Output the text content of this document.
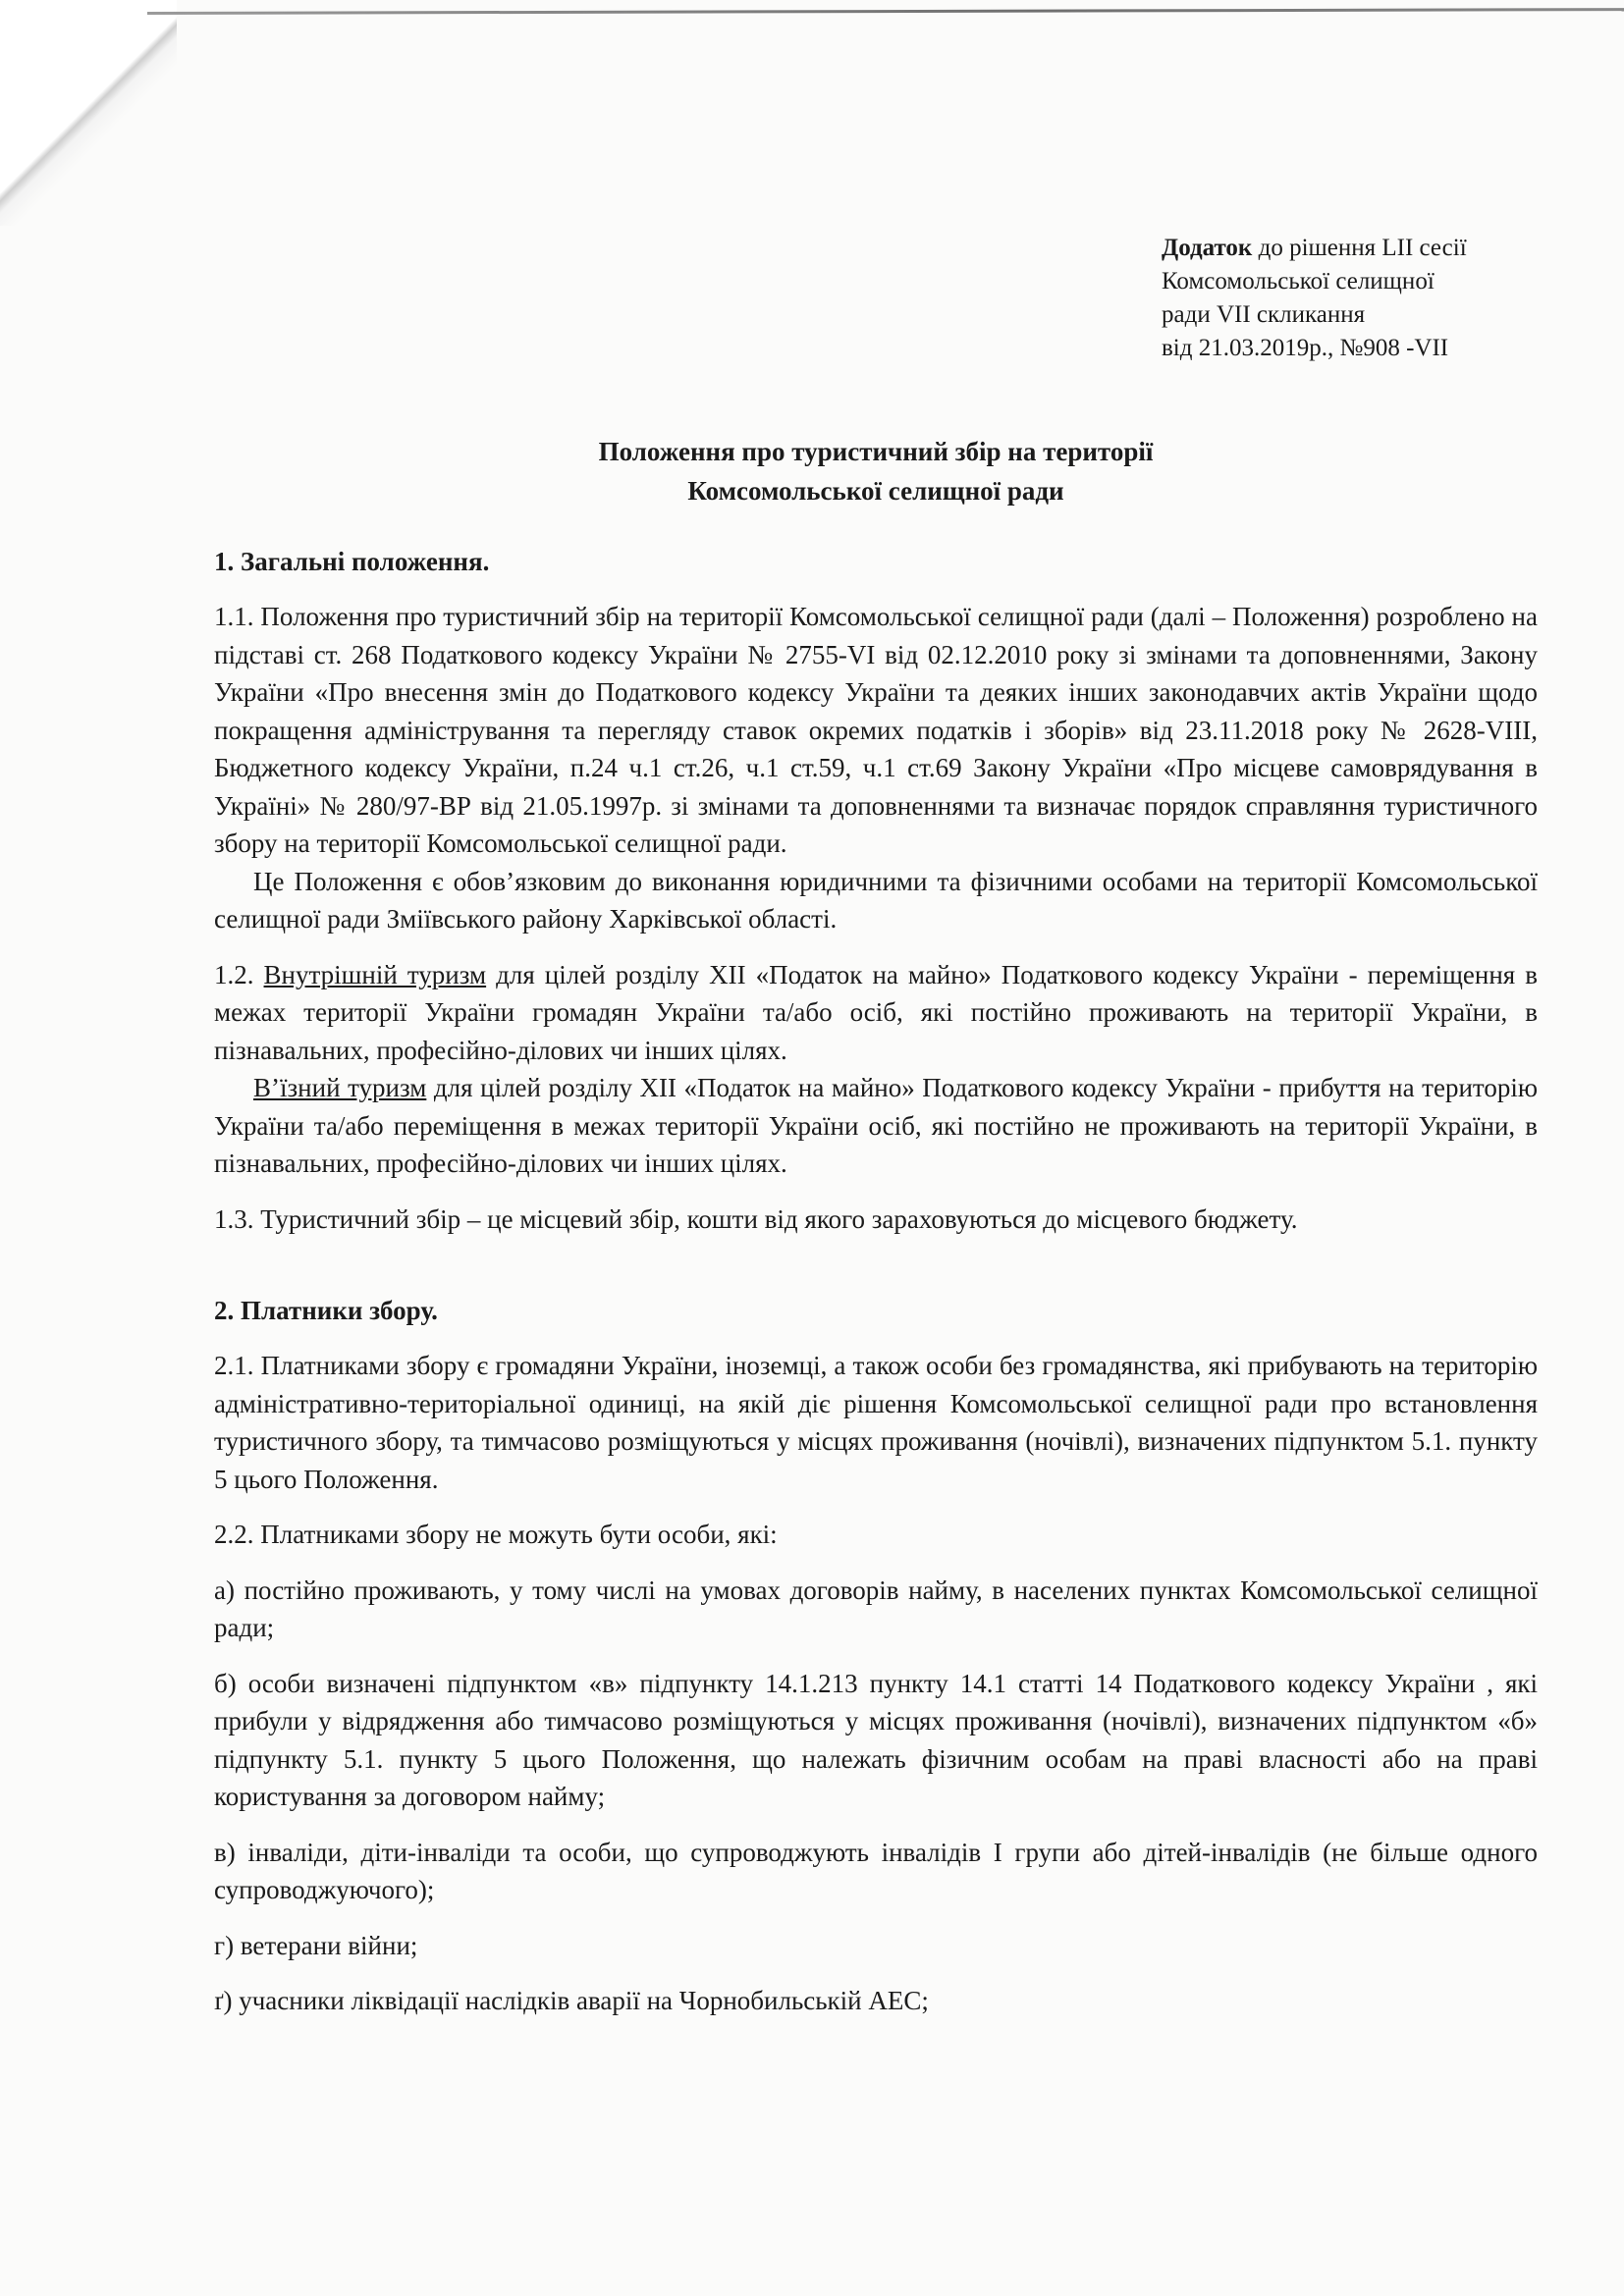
Додаток до рішення LII сесії
Комсомольської селищної
ради VII скликання
від 21.03.2019р., №908 -VII
Положення про туристичний збір на території
Комсомольської селищної ради
1. Загальні положення.

1.1. Положення про туристичний збір на території Комсомольської селищної ради (далі – Положення) розроблено на підставі ст. 268 Податкового кодексу України № 2755-VI від 02.12.2010 року зі змінами та доповненнями, Закону України «Про внесення змін до Податкового кодексу України та деяких інших законодавчих актів України щодо покращення адміністрування та перегляду ставок окремих податків і зборів» від 23.11.2018 року № 2628-VIII, Бюджетного кодексу України, п.24 ч.1 ст.26, ч.1 ст.59, ч.1 ст.69 Закону України «Про місцеве самоврядування в Україні» № 280/97-ВР від 21.05.1997р. зі змінами та доповненнями та визначає порядок справляння туристичного збору на території Комсомольської селищної ради.

Це Положення є обов’язковим до виконання юридичними та фізичними особами на території Комсомольської селищної ради Зміївського району Харківської області.

1.2. Внутрішній туризм для цілей розділу XII «Податок на майно» Податкового кодексу України - переміщення в межах території України громадян України та/або осіб, які постійно проживають на території України, в пізнавальних, професійно-ділових чи інших цілях.

В’їзний туризм для цілей розділу XII «Податок на майно» Податкового кодексу України - прибуття на територію України та/або переміщення в межах території України осіб, які постійно не проживають на території України, в пізнавальних, професійно-ділових чи інших цілях.

1.3. Туристичний збір – це місцевий збір, кошти від якого зараховуються до місцевого бюджету.

2. Платники збору.

2.1. Платниками збору є громадяни України, іноземці, а також особи без громадянства, які прибувають на територію адміністративно-територіальної одиниці, на якій діє рішення Комсомольської селищної ради про встановлення туристичного збору, та тимчасово розміщуються у місцях проживання (ночівлі), визначених підпунктом 5.1. пункту 5 цього Положення.

2.2. Платниками збору не можуть бути особи, які:

а) постійно проживають, у тому числі на умовах договорів найму, в населених пунктах Комсомольської селищної ради;

б) особи визначені підпунктом «в» підпункту 14.1.213 пункту 14.1 статті 14 Податкового кодексу України , які прибули у відрядження або тимчасово розміщуються у місцях проживання (ночівлі), визначених підпунктом «б» підпункту 5.1. пункту 5 цього Положення, що належать фізичним особам на праві власності або на праві користування за договором найму;

в) інваліди, діти-інваліди та особи, що супроводжують інвалідів І групи або дітей-інвалідів (не більше одного супроводжуючого);

г) ветерани війни;

ґ) учасники ліквідації наслідків аварії на Чорнобильській АЕС;
